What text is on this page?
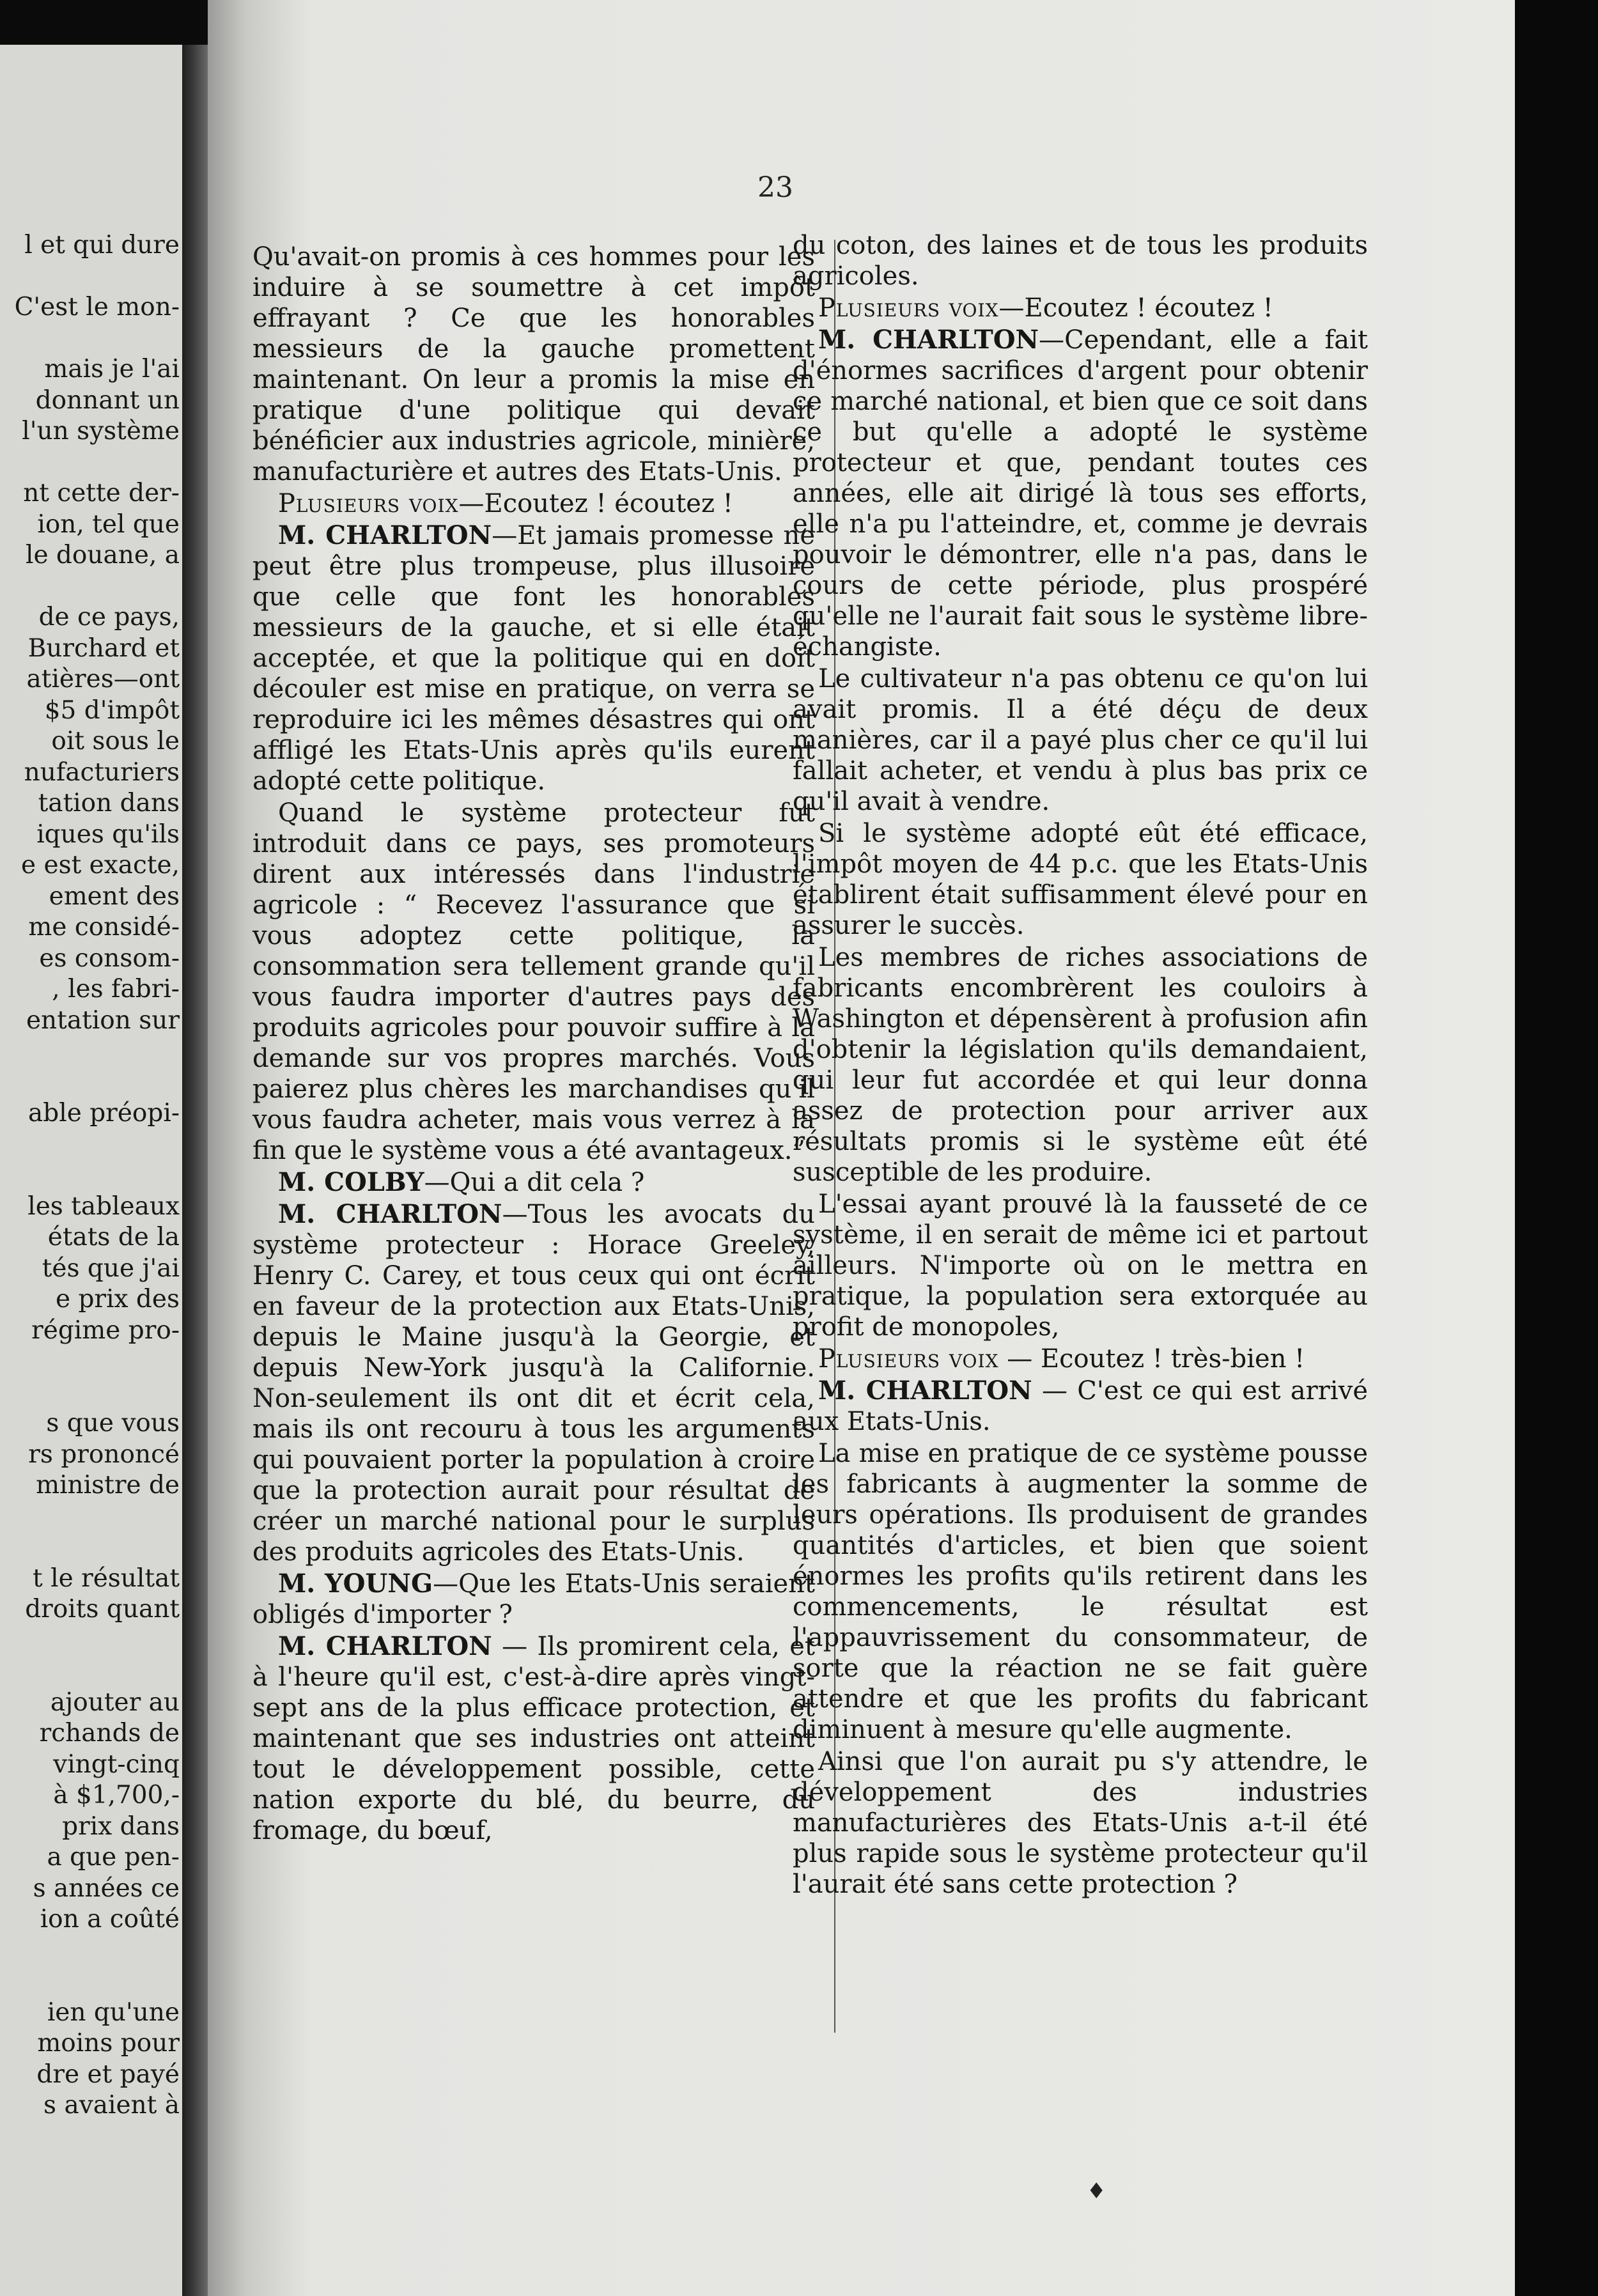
l et qui dure

C'est le mon-

mais je l'ai
donnant un
l'un système

nt cette der-
ion, tel que
le douane, a

de ce pays,
Burchard et
atières—ont
$5 d'impôt
oit sous le
nufacturiers
tation dans
iques qu'ils
e est exacte,
ement des
me considé-
es consom-
, les fabri-
entation sur

able préopi-

les tableaux
états de la
tés que j'ai
e prix des
régime pro-

s que vous
rs prononcé
ministre de

t le résultat
droits quant

ajouter au
rchands de
vingt-cinq
à $1,700,-
prix dans
a que pen-
s années ce
ion a coûté

ien qu'une
moins pour
dre et payé
s avaient à
23

Qu'avait-on promis à ces hommes pour les induire à se soumettre à cet impôt effrayant ? Ce que les honorables messieurs de la gauche promettent maintenant. On leur a promis la mise en pratique d'une politique qui devait bénéficier aux industries agricole, minière, manufacturière et autres des Etats-Unis.

Plusieurs voix—Ecoutez ! écoutez !

M. CHARLTON—Et jamais promesse ne peut être plus trompeuse, plus illusoire que celle que font les honorables messieurs de la gauche, et si elle était acceptée, et que la politique qui en doit découler est mise en pratique, on verra se reproduire ici les mêmes désastres qui ont affligé les Etats-Unis après qu'ils eurent adopté cette politique.

Quand le système protecteur fut introduit dans ce pays, ses promoteurs dirent aux intéressés dans l'industrie agricole : “ Recevez l'assurance que si vous adoptez cette politique, la consommation sera tellement grande qu'il vous faudra importer d'autres pays des produits agricoles pour pouvoir suffire à la demande sur vos propres marchés. Vous paierez plus chères les marchandises qu'il vous faudra acheter, mais vous verrez à la fin que le système vous a été avantageux.”

M. COLBY—Qui a dit cela ?

M. CHARLTON—Tous les avocats du système protecteur : Horace Greeley, Henry C. Carey, et tous ceux qui ont écrit en faveur de la protection aux Etats-Unis, depuis le Maine jusqu'à la Georgie, et depuis New-York jusqu'à la Californie. Non-seulement ils ont dit et écrit cela, mais ils ont recouru à tous les arguments qui pouvaient porter la population à croire que la protection aurait pour résultat de créer un marché national pour le surplus des produits agricoles des Etats-Unis.

M. YOUNG—Que les Etats-Unis seraient obligés d'importer ?

M. CHARLTON — Ils promirent cela, et à l'heure qu'il est, c'est-à-dire après vingt-sept ans de la plus efficace protection, et maintenant que ses industries ont atteint tout le développement possible, cette nation exporte du blé, du beurre, du fromage, du bœuf,

du coton, des laines et de tous les produits agricoles.

Plusieurs voix—Ecoutez ! écoutez !

M. CHARLTON—Cependant, elle a fait d'énormes sacrifices d'argent pour obtenir ce marché national, et bien que ce soit dans ce but qu'elle a adopté le système protecteur et que, pendant toutes ces années, elle ait dirigé là tous ses efforts, elle n'a pu l'atteindre, et, comme je devrais pouvoir le démontrer, elle n'a pas, dans le cours de cette période, plus prospéré qu'elle ne l'aurait fait sous le système libre-échangiste.

Le cultivateur n'a pas obtenu ce qu'on lui avait promis. Il a été déçu de deux manières, car il a payé plus cher ce qu'il lui fallait acheter, et vendu à plus bas prix ce qu'il avait à vendre.

Si le système adopté eût été efficace, l'impôt moyen de 44 p.c. que les Etats-Unis établirent était suffisamment élevé pour en assurer le succès.

Les membres de riches associations de fabricants encombrèrent les couloirs à Washington et dépensèrent à profusion afin d'obtenir la législation qu'ils demandaient, qui leur fut accordée et qui leur donna assez de protection pour arriver aux résultats promis si le système eût été susceptible de les produire.

L'essai ayant prouvé là la fausseté de ce système, il en serait de même ici et partout ailleurs. N'importe où on le mettra en pratique, la population sera extorquée au profit de monopoles,

Plusieurs voix — Ecoutez ! très-bien !

M. CHARLTON — C'est ce qui est arrivé aux Etats-Unis.

La mise en pratique de ce système pousse les fabricants à augmenter la somme de leurs opérations. Ils produisent de grandes quantités d'articles, et bien que soient énormes les profits qu'ils retirent dans les commencements, le résultat est l'appauvrissement du consommateur, de sorte que la réaction ne se fait guère attendre et que les profits du fabricant diminuent à mesure qu'elle augmente.

Ainsi que l'on aurait pu s'y attendre, le développement des industries manufacturières des Etats-Unis a-t-il été plus rapide sous le système protecteur qu'il l'aurait été sans cette protection ?

♦
